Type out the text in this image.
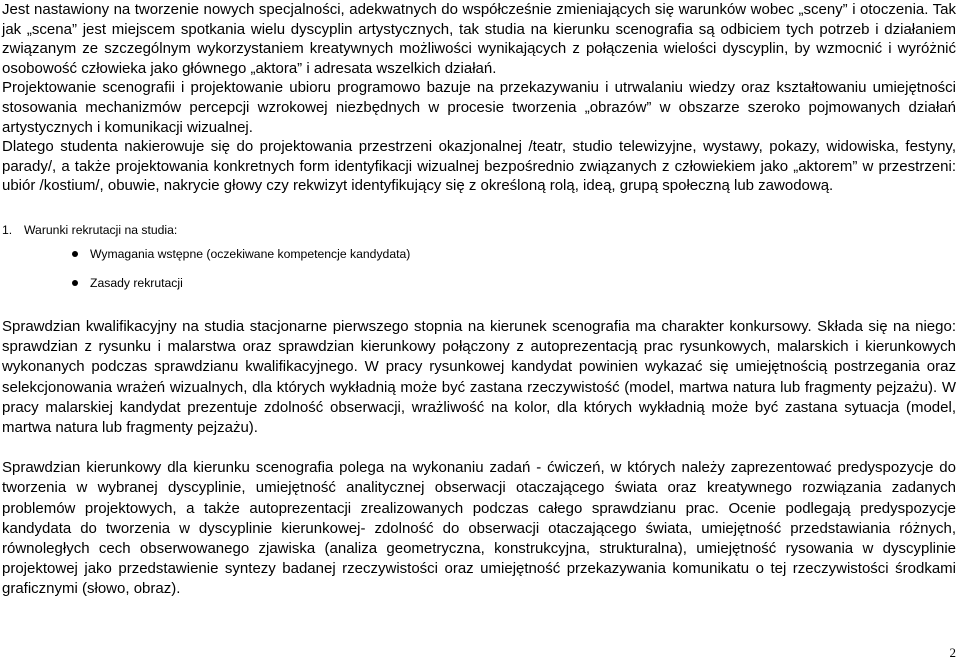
Jest nastawiony na tworzenie nowych specjalności, adekwatnych do współcześnie zmieniających się warunków wobec „sceny” i otoczenia. Tak jak „scena” jest miejscem spotkania wielu dyscyplin artystycznych, tak studia na kierunku scenografia są odbiciem tych potrzeb i działaniem związanym ze szczególnym wykorzystaniem kreatywnych możliwości wynikających z połączenia wielości dyscyplin, by wzmocnić i wyróżnić osobowość człowieka jako głównego „aktora” i adresata wszelkich działań.

Projektowanie scenografii i projektowanie ubioru programowo bazuje na przekazywaniu i utrwalaniu wiedzy oraz kształtowaniu umiejętności stosowania mechanizmów percepcji wzrokowej niezbędnych w procesie tworzenia „obrazów” w obszarze szeroko pojmowanych działań artystycznych i komunikacji wizualnej.

Dlatego studenta nakierowuje się do projektowania przestrzeni okazjonalnej /teatr, studio telewizyjne, wystawy, pokazy, widowiska, festyny, parady/, a także projektowania konkretnych form identyfikacji wizualnej bezpośrednio związanych z człowiekiem jako „aktorem” w przestrzeni: ubiór /kostium/, obuwie, nakrycie głowy czy rekwizyt identyfikujący się z określoną rolą, ideą, grupą społeczną lub zawodową.

1. Warunki rekrutacji na studia:
Wymagania wstępne (oczekiwane kompetencje kandydata)
Zasady rekrutacji

Sprawdzian kwalifikacyjny na studia stacjonarne pierwszego stopnia na kierunek scenografia ma charakter konkursowy. Składa się na niego: sprawdzian z rysunku i malarstwa oraz sprawdzian kierunkowy połączony z autoprezentacją prac rysunkowych, malarskich i kierunkowych wykonanych podczas sprawdzianu kwalifikacyjnego. W pracy rysunkowej kandydat powinien wykazać się umiejętnością postrzegania oraz selekcjonowania wrażeń wizualnych, dla których wykładnią może być zastana rzeczywistość (model, martwa natura lub fragmenty pejzażu). W pracy malarskiej kandydat prezentuje zdolność obserwacji, wrażliwość na kolor, dla których wykładnią może być zastana sytuacja (model, martwa natura lub fragmenty pejzażu).

Sprawdzian kierunkowy dla kierunku scenografia polega na wykonaniu zadań - ćwiczeń, w których należy zaprezentować predyspozycje do tworzenia w wybranej dyscyplinie, umiejętność analitycznej obserwacji otaczającego świata oraz kreatywnego rozwiązania zadanych problemów projektowych, a także autoprezentacji zrealizowanych podczas całego sprawdzianu prac. Ocenie podlegają predyspozycje kandydata do tworzenia w dyscyplinie kierunkowej- zdolność do obserwacji otaczającego świata, umiejętność przedstawiania różnych, równoległych cech obserwowanego zjawiska (analiza geometryczna, konstrukcyjna, strukturalna), umiejętność rysowania w dyscyplinie projektowej jako przedstawienie syntezy badanej rzeczywistości oraz umiejętność przekazywania komunikatu o tej rzeczywistości środkami graficznymi (słowo, obraz).

2
